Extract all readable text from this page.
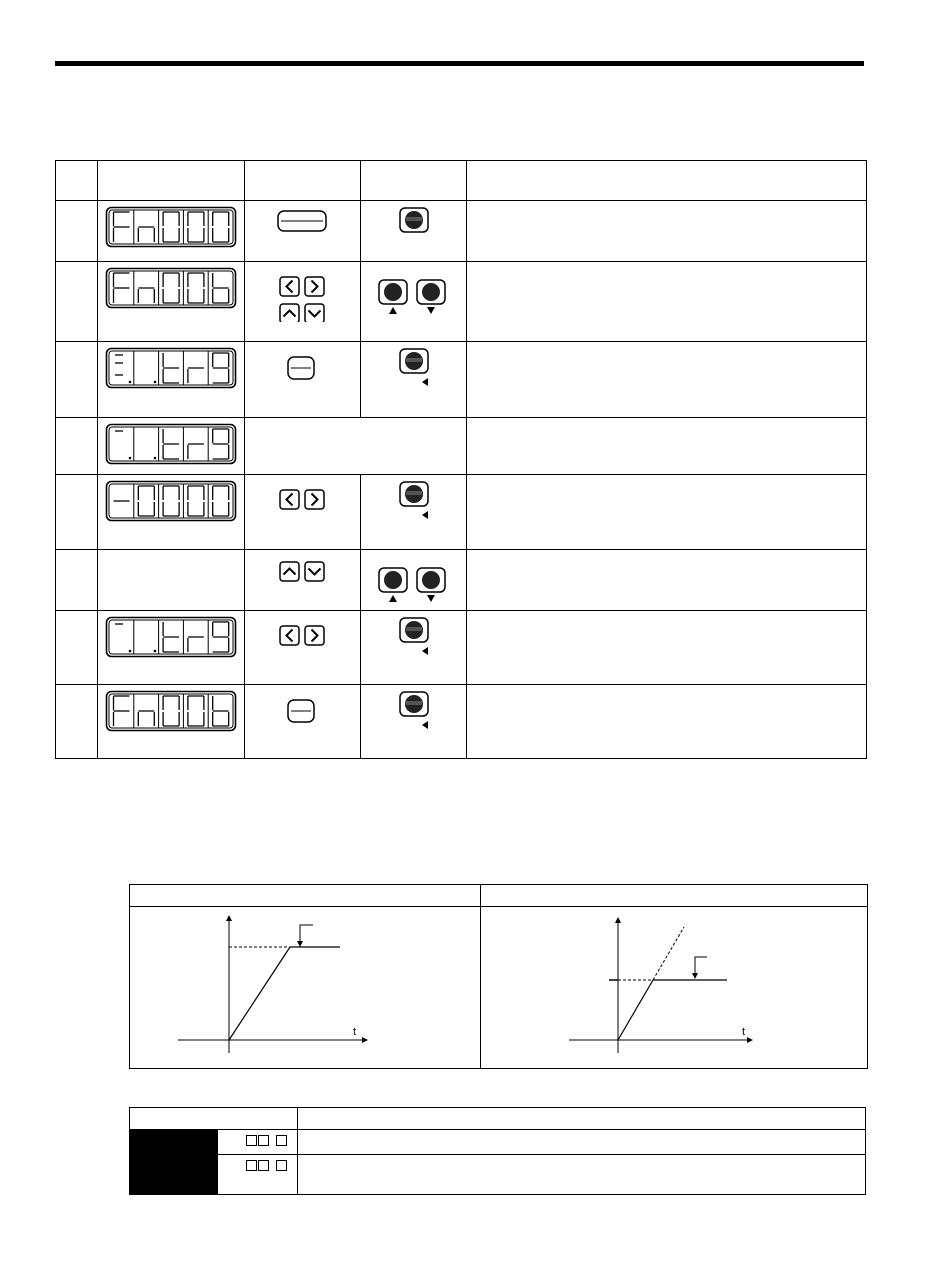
t	t
